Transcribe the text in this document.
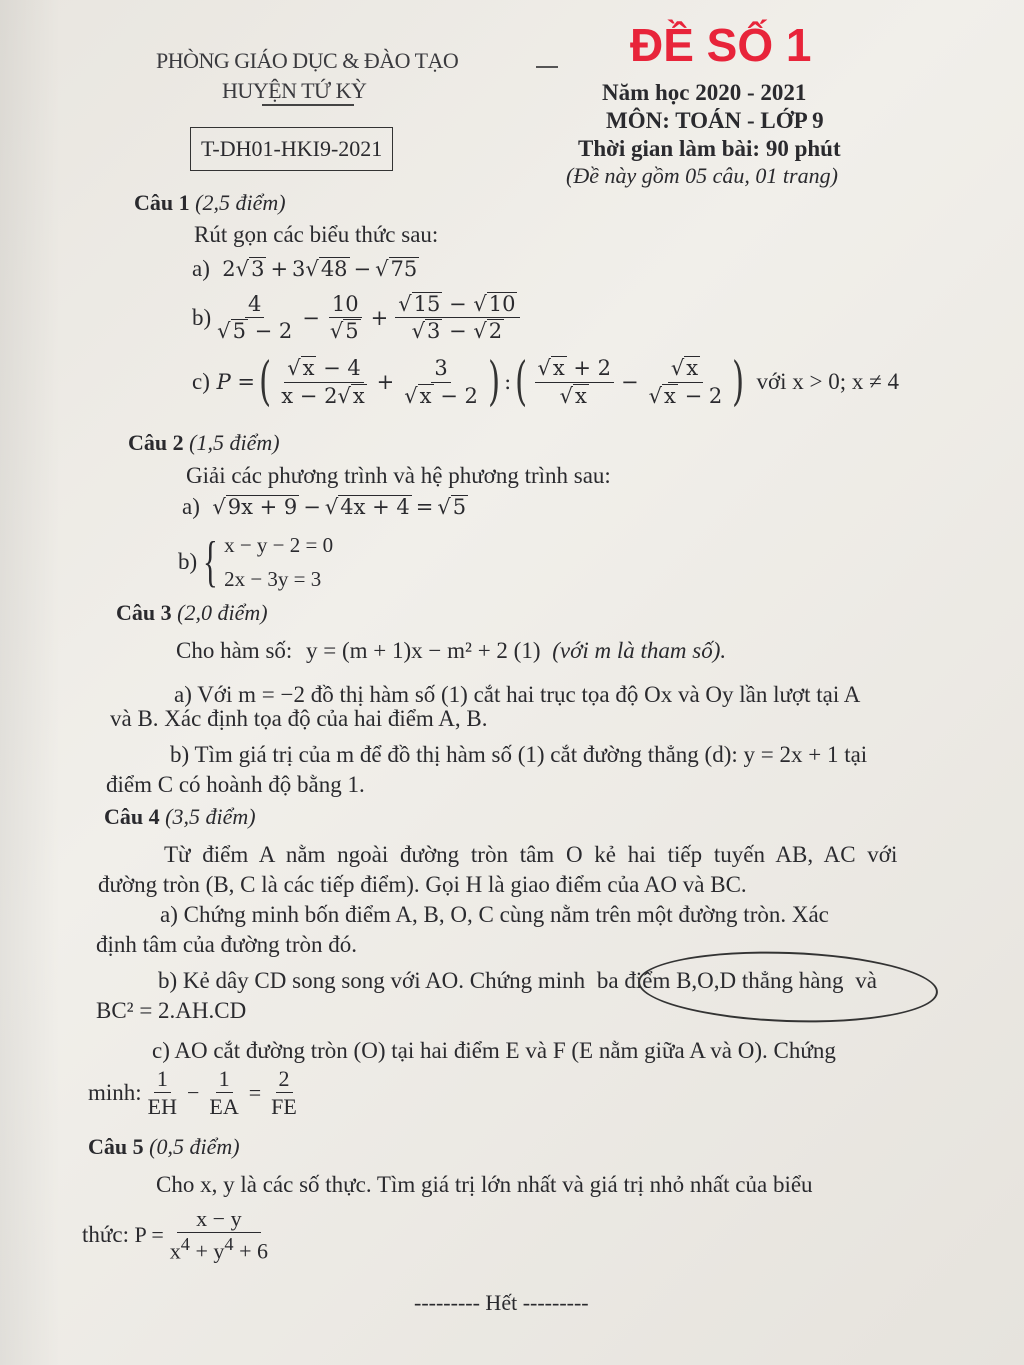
PHÒNG GIÁO DỤC & ĐÀO TẠO
HUYỆN TỨ KỲ
T-DH01-HKI9-2021
ĐỀ SỐ 1
Năm học 2020 - 2021
MÔN: TOÁN - LỚP 9
Thời gian làm bài: 90 phút
(Đề này gồm 05 câu, 01 trang)
Câu 1 (2,5 điểm)
Rút gọn các biểu thức sau:
a)  2 √ 3 + 3 √ 48 − √ 75
$b) \frac{4}{√ 5 - 2} - \frac{10}{√ 5} + \frac{√ 15 - √ 10}{√ 3 - √ 2}$
c)
P = ( $\frac{√ x - 4}{x - 2√ x} + \frac{3}{√ x - 2}$ ) : ( $\frac{√ x + 2}{√ x} - \frac{√ x}{√ x - 2}$ ) với x > 0; x ≠ 4
Câu 2 (1,5 điểm)
Giải các phương trình và hệ phương trình sau:
a) √ 9x + 9 − √ 4x + 4 = √ 5
b) { x − y − 2 = 0
2x − 3y = 3
Câu 3 (2,0 điểm)
Cho hàm số: y = (m + 1)x − m² + 2 (1) (với m là tham số).
a) Với m = −2 đồ thị hàm số (1) cắt hai trục tọa độ Ox và Oy lần lượt tại A
và B. Xác định tọa độ của hai điểm A, B.
b) Tìm giá trị của m để đồ thị hàm số (1) cắt đường thẳng (d): y = 2x + 1 tại
điểm C có hoành độ bằng 1.
Câu 4 (3,5 điểm)
Từ điểm A nằm ngoài đường tròn tâm O kẻ hai tiếp tuyến AB, AC với
đường tròn (B, C là các tiếp điểm). Gọi H là giao điểm của AO và BC.
a) Chứng minh bốn điểm A, B, O, C cùng nằm trên một đường tròn. Xác
định tâm của đường tròn đó.
b) Kẻ dây CD song song với AO. Chứng minh ba điểm B,O,D thẳng hàng và
BC² = 2.AH.CD
c) AO cắt đường tròn (O) tại hai điểm E và F (E nằm giữa A và O). Chứng
minh: $\frac{1}{EH} - \frac{1}{EA} = \frac{2}{FE}$
Câu 5 (0,5 điểm)
Cho x, y là các số thực. Tìm giá trị lớn nhất và giá trị nhỏ nhất của biểu
thức: $P = \frac{x - y}{x^4 + y^4 + 6}$
--------- Hết ---------
